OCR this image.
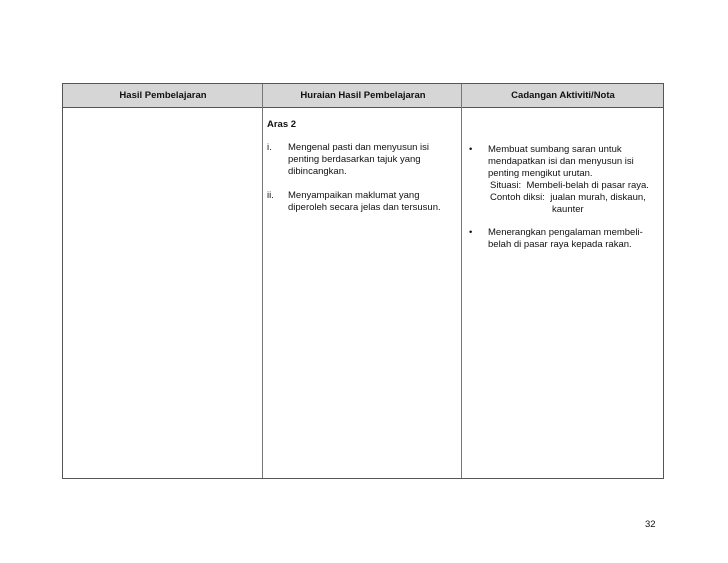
Hasil Pembelajaran	Huraian Hasil Pembelajaran	Cadangan Aktiviti/Nota
Aras 2
i. Mengenal pasti dan menyusun isi
penting berdasarkan tajuk yang
dibincangkan.
ii. Menyampaikan maklumat yang
diperoleh secara jelas dan tersusun.
• Membuat sumbang saran untuk
mendapatkan isi dan menyusun isi
penting mengikut urutan.
Situasi: Membeli-belah di pasar raya.
Contoh diksi: jualan murah, diskaun,
kaunter
• Menerangkan pengalaman membeli-
belah di pasar raya kepada rakan.
32
